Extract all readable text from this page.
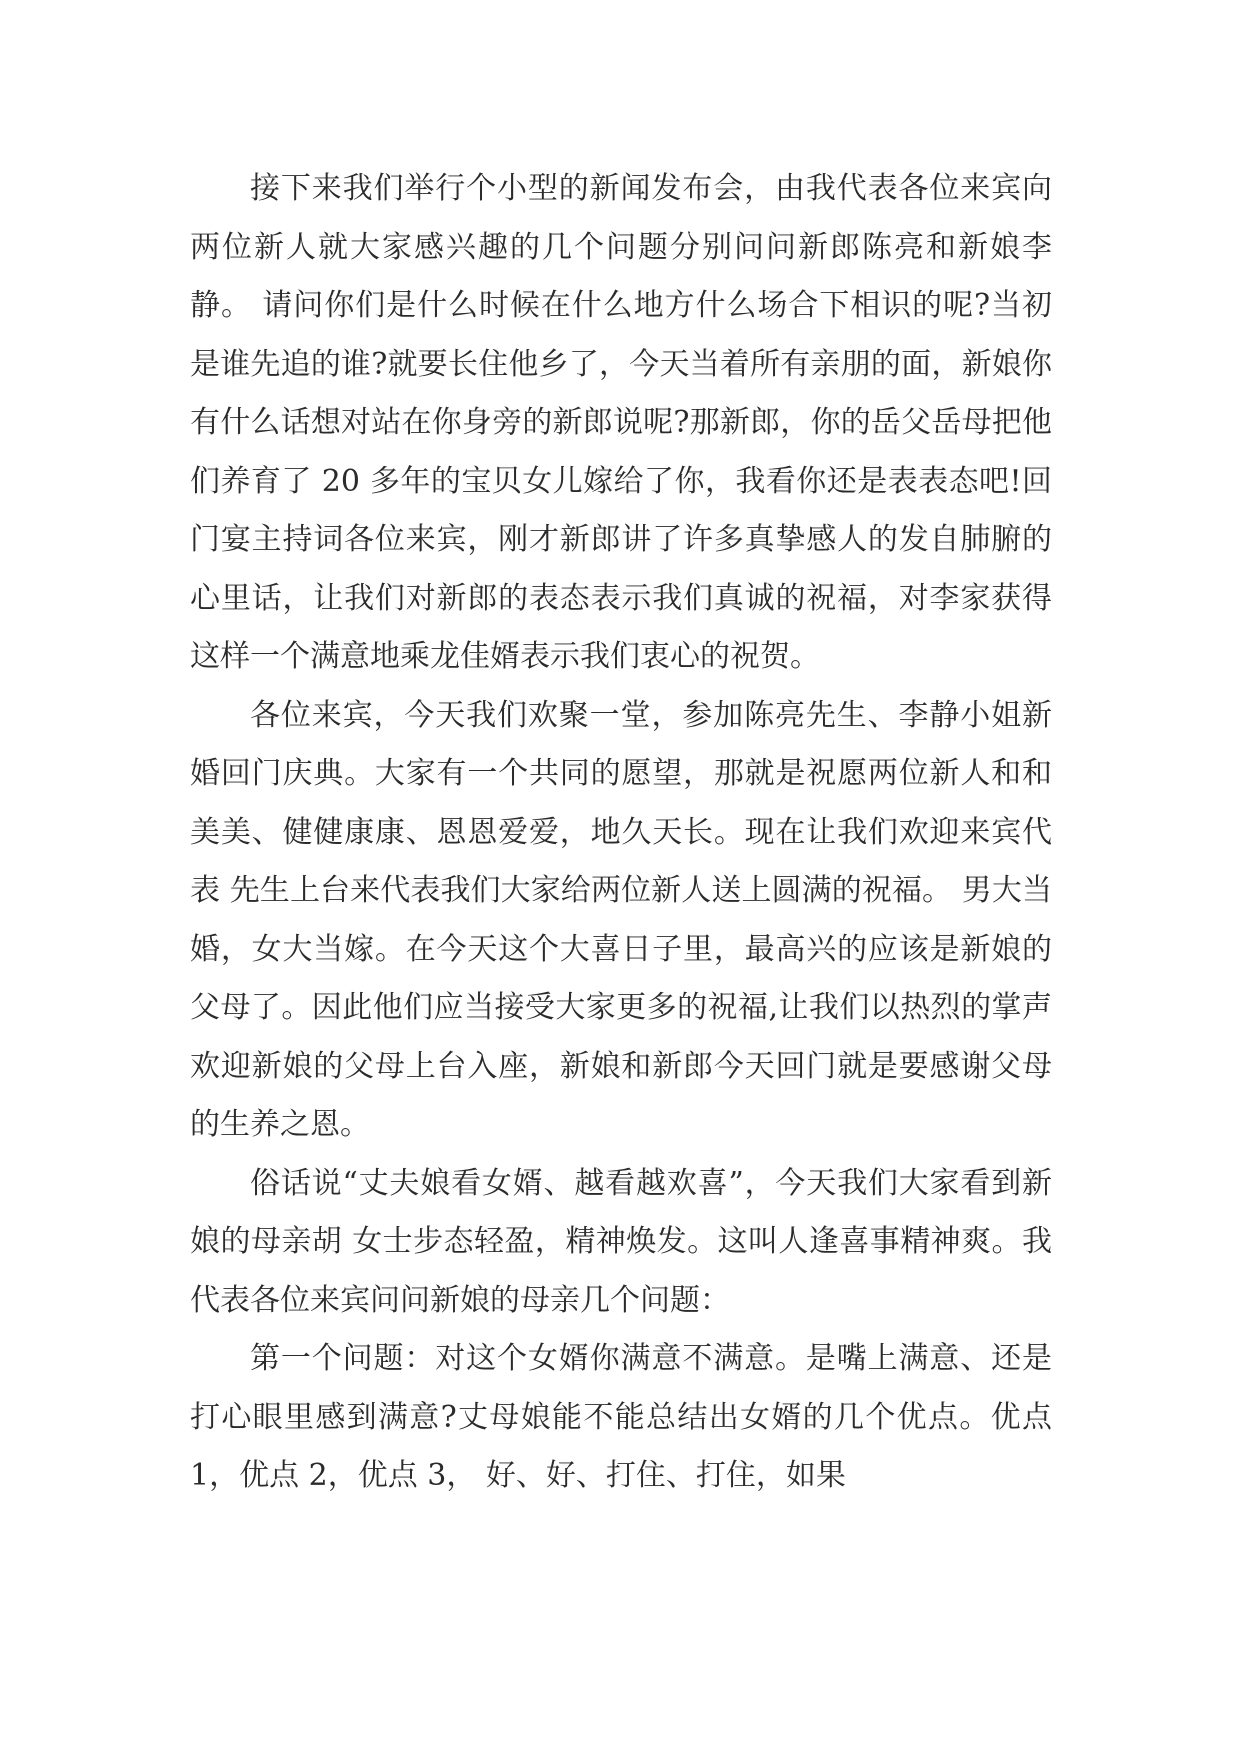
接下来我们举行个小型的新闻发布会，由我代表各位来宾向两位新人就大家感兴趣的几个问题分别问问新郎陈亮和新娘李静。 请问你们是什么时候在什么地方什么场合下相识的呢?当初是谁先追的谁?就要长住他乡了，今天当着所有亲朋的面，新娘你有什么话想对站在你身旁的新郎说呢?那新郎，你的岳父岳母把他们养育了 20 多年的宝贝女儿嫁给了你，我看你还是表表态吧!回门宴主持词各位来宾，刚才新郎讲了许多真挚感人的发自肺腑的心里话，让我们对新郎的表态表示我们真诚的祝福，对李家获得这样一个满意地乘龙佳婿表示我们衷心的祝贺。

各位来宾，今天我们欢聚一堂，参加陈亮先生、李静小姐新婚回门庆典。大家有一个共同的愿望，那就是祝愿两位新人和和美美、健健康康、恩恩爱爱，地久天长。现在让我们欢迎来宾代表 先生上台来代表我们大家给两位新人送上圆满的祝福。 男大当婚，女大当嫁。在今天这个大喜日子里，最高兴的应该是新娘的父母了。因此他们应当接受大家更多的祝福,让我们以热烈的掌声欢迎新娘的父母上台入座，新娘和新郎今天回门就是要感谢父母的生养之恩。

俗话说“丈夫娘看女婿、越看越欢喜”，今天我们大家看到新娘的母亲胡 女士步态轻盈，精神焕发。这叫人逢喜事精神爽。我代表各位来宾问问新娘的母亲几个问题：

第一个问题：对这个女婿你满意不满意。是嘴上满意、还是打心眼里感到满意?丈母娘能不能总结出女婿的几个优点。优点 1，优点 2，优点 3， 好、好、打住、打住，如果
